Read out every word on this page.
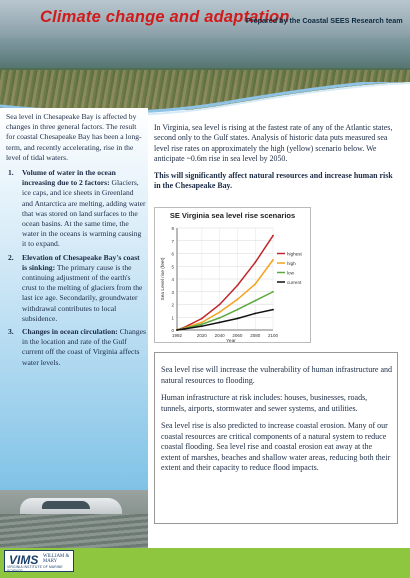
Climate change and adaptation
Sea level in Chesapeake Bay is affected by changes in three general factors. The result for coastal Chesapeake Bay has been a long-term, and recently accelerating, rise in the level of tidal waters.
1. Volume of water in the ocean increasing due to 2 factors: Glaciers, ice caps, and ice sheets in Greenland and Antarctica are melting, adding water that was stored on land surfaces to the ocean basins. At the same time, the water in the oceans is warming causing it to expand.
2. Elevation of Chesapeake Bay's coast is sinking: The primary cause is the continuing adjustment of the earth's crust to the melting of glaciers from the last ice age. Secondarily, groundwater withdrawal contributes to local subsidence.
3. Changes in ocean circulation: Changes in the location and rate of the Gulf current off the coast of Virginia affects water levels.

In Virginia, sea level is rising at the fastest rate of any of the Atlantic states, second only to the Gulf states. Analysis of historic data puts measured sea level rise rates on approximately the high (yellow) scenario below. We anticipate ~0.6m rise in sea level by 2050.

This will significantly affect natural resources and increase human risk in the Chesapeake Bay.

SE Virginia sea level rise scenarios
0
1
2
3
4
5
6
7
8
1992	2020 2040 2060 2080 2100
Year
Sea Level rise (feet)
highest
high
low
current

Sea level rise will increase the vulnerability of human infrastructure and natural resources to flooding.

Human infrastructure at risk includes: houses, businesses, roads, tunnels, airports, stormwater and sewer systems, and utilities.

Sea level rise is also predicted to increase coastal erosion. Many of our coastal resources are critical components of a natural system to reduce coastal flooding. Sea level rise and coastal erosion eat away at the extent of marshes, beaches and shallow water areas, reducing both their extent and their capacity to reduce flood impacts.

VIMS WILLIAM & MARY
VIRGINIA INSTITUTE OF MARINE SCIENCE
Prepared by the Coastal SEES Research team
